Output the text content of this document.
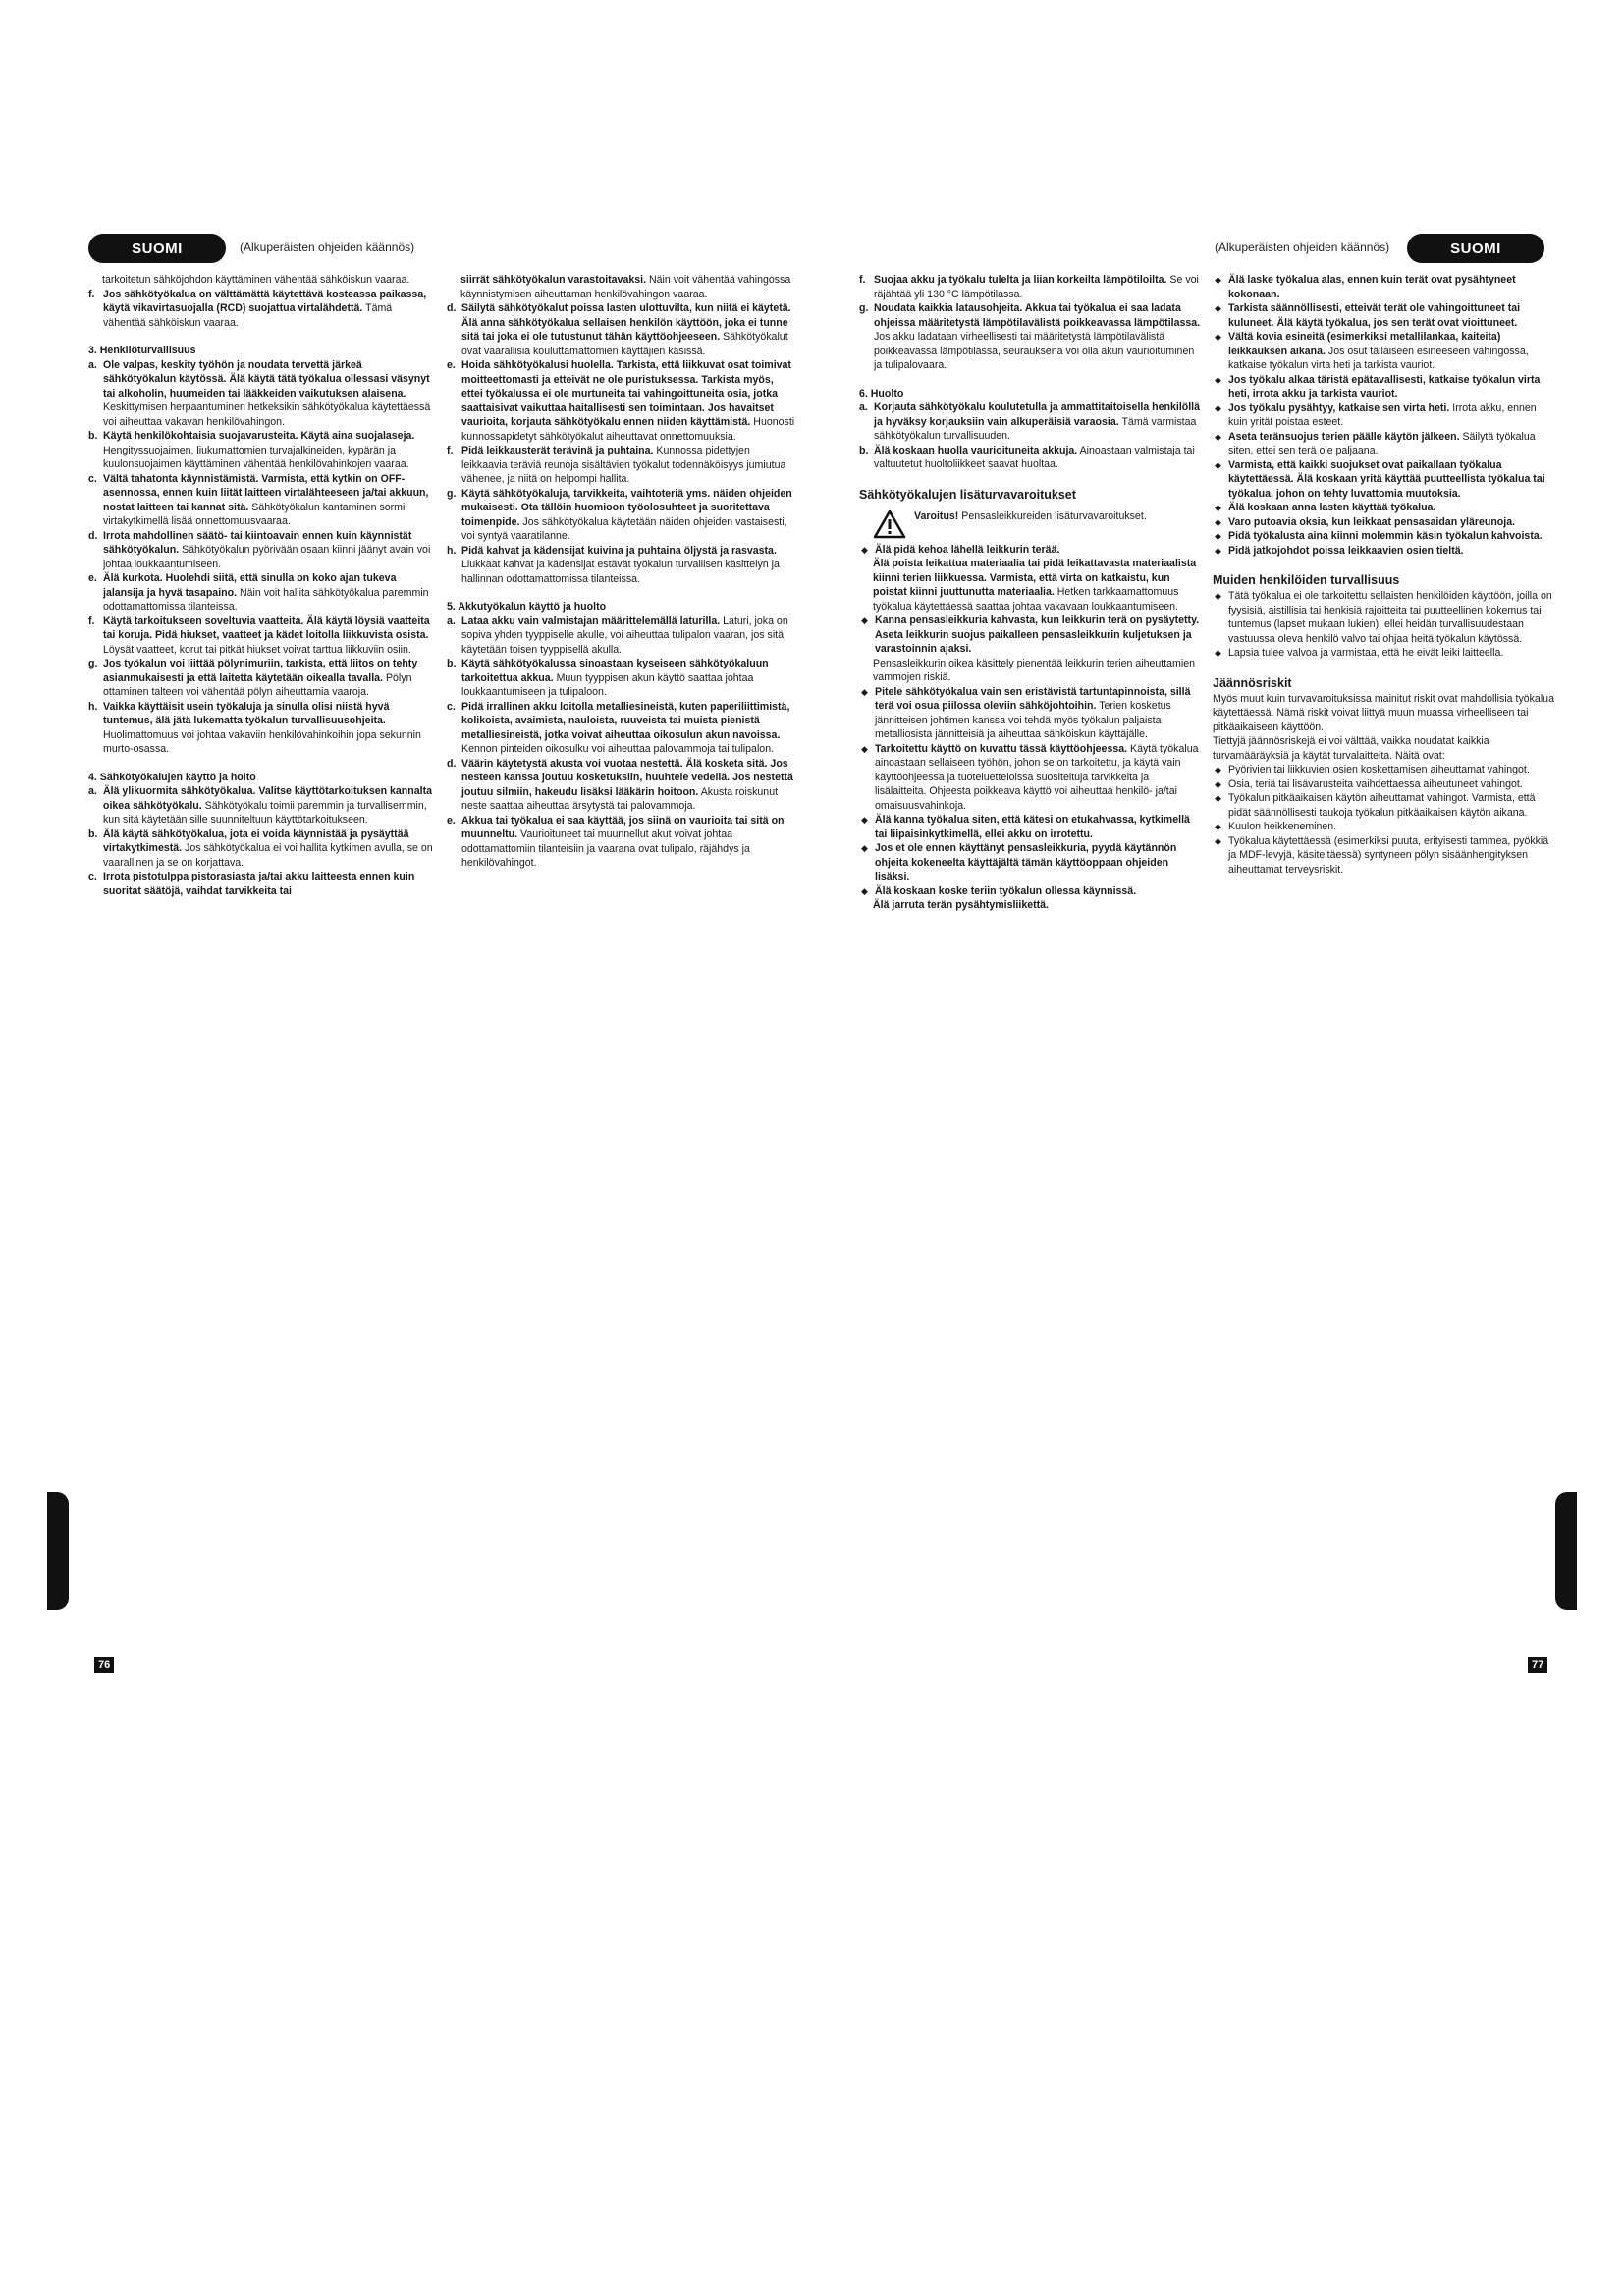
SUOMI	(Alkuperäisten ohjeiden käännös)

tarkoitetun sähköjohdon käyttäminen vähentää sähköiskun vaaraa.

f. Jos sähkötyökalua on välttämättä käytettävä kosteassa paikassa, käytä vikavirtasuojalla (RCD) suojattua virtalähdettä. Tämä vähentää sähköiskun vaaraa.

3. Henkilöturvallisuus

a. Ole valpas, keskity työhön ja noudata tervettä järkeä sähkötyökalun käytössä. Älä käytä tätä työkalua ollessasi väsynyt tai alkoholin, huumeiden tai lääkkeiden vaikutuksen alaisena. Keskittymisen herpaantuminen hetkeksikin sähkötyökalua käytettäessä voi aiheuttaa vakavan henkilövahingon.
b. Käytä henkilökohtaisia suojavarusteita. Käytä aina suojalaseja. Hengityssuojaimen, liukumattomien turvajalkineiden, kypärän ja kuulonsuojaimen käyttäminen vähentää henkilövahinkojen vaaraa.
c. Vältä tahatonta käynnistämistä. Varmista, että kytkin on OFF-asennossa, ennen kuin liität laitteen virtalähteeseen ja/tai akkuun, nostat laitteen tai kannat sitä. Sähkötyökalun kantaminen sormi virtakytkimellä lisää onnettomuusvaaraa.
d. Irrota mahdollinen säätö- tai kiintoavain ennen kuin käynnistät sähkötyökalun. Sähkötyökalun pyörivään osaan kiinni jäänyt avain voi johtaa loukkaantumiseen.
e. Älä kurkota. Huolehdi siitä, että sinulla on koko ajan tukeva jalansija ja hyvä tasapaino. Näin voit hallita sähkötyökalua paremmin odottamattomissa tilanteissa.
f. Käytä tarkoitukseen soveltuvia vaatteita. Älä käytä löysiä vaatteita tai koruja. Pidä hiukset, vaatteet ja kädet loitolla liikkuvista osista. Löysät vaatteet, korut tai pitkät hiukset voivat tarttua liikkuviin osiin.
g. Jos työkalun voi liittää pölynimuriin, tarkista, että liitos on tehty asianmukaisesti ja että laitetta käytetään oikealla tavalla. Pölyn ottaminen talteen voi vähentää pölyn aiheuttamia vaaroja.
h. Vaikka käyttäisit usein työkaluja ja sinulla olisi niistä hyvä tuntemus, älä jätä lukematta työkalun turvallisuusohjeita. Huolimattomuus voi johtaa vakaviin henkilövahinkoihin jopa sekunnin murto-osassa.

4. Sähkötyökalujen käyttö ja hoito

a. Älä ylikuormita sähkötyökalua. Valitse käyttötarkoituksen kannalta oikea sähkötyökalu. Sähkötyökalu toimii paremmin ja turvallisemmin, kun sitä käytetään sille suunniteltuun käyttötarkoitukseen.
b. Älä käytä sähkötyökalua, jota ei voida käynnistää ja pysäyttää virtakytkimestä. Jos sähkötyökalua ei voi hallita kytkimen avulla, se on vaarallinen ja se on korjattava.
c. Irrota pistotulppa pistorasiasta ja/tai akku laitteesta ennen kuin suoritat säätöjä, vaihdat tarvikkeita tai

siirrät sähkötyökalun varastoitavaksi. Näin voit vähentää vahingossa käynnistymisen aiheuttaman henkilövahingon vaaraa.

d. Säilytä sähkötyökalut poissa lasten ulottuvilta, kun niitä ei käytetä. Älä anna sähkötyökalua sellaisen henkilön käyttöön, joka ei tunne sitä tai joka ei ole tutustunut tähän käyttöohjeeseen. Sähkötyökalut ovat vaarallisia kouluttamattomien käyttäjien käsissä.
e. Hoida sähkötyökalusi huolella. Tarkista, että liikkuvat osat toimivat moitteettomasti ja etteivät ne ole puristuksessa. Tarkista myös, ettei työkalussa ei ole murtuneita tai vahingoittuneita osia, jotka saattaisivat vaikuttaa haitallisesti sen toimintaan. Jos havaitset vaurioita, korjauta sähkötyökalu ennen niiden käyttämistä. Huonosti kunnossapidetyt sähkötyökalut aiheuttavat onnettomuuksia.
f. Pidä leikkausterät terävinä ja puhtaina. Kunnossa pidettyjen leikkaavia teräviä reunoja sisältävien työkalut todennäköisyys jumiutua vähenee, ja niitä on helpompi hallita.
g. Käytä sähkötyökaluja, tarvikkeita, vaihtoteriä yms. näiden ohjeiden mukaisesti. Ota tällöin huomioon työolosuhteet ja suoritettava toimenpide. Jos sähkötyökalua käytetään näiden ohjeiden vastaisesti, voi syntyä vaaratilanne.
h. Pidä kahvat ja kädensijat kuivina ja puhtaina öljystä ja rasvasta. Liukkaat kahvat ja kädensijat estävät työkalun turvallisen käsittelyn ja hallinnan odottamattomissa tilanteissa.

5. Akkutyökalun käyttö ja huolto

a. Lataa akku vain valmistajan määrittelemällä laturilla. Laturi, joka on sopiva yhden tyyppiselle akulle, voi aiheuttaa tulipalon vaaran, jos sitä käytetään toisen tyyppisellä akulla.
b. Käytä sähkötyökalussa sinoastaan kyseiseen sähkötyökaluun tarkoitettua akkua. Muun tyyppisen akun käyttö saattaa johtaa loukkaantumiseen ja tulipaloon.
c. Pidä irrallinen akku loitolla metalliesineistä, kuten paperiliittimistä, kolikoista, avaimista, nauloista, ruuveista tai muista pienistä metalliesineistä, jotka voivat aiheuttaa oikosulun akun navoissa. Kennon pinteiden oikosulku voi aiheuttaa palovammoja tai tulipalon.
d. Väärin käytetystä akusta voi vuotaa nestettä. Älä kosketa sitä. Jos nesteen kanssa joutuu kosketuksiin, huuhtele vedellä. Jos nestettä joutuu silmiin, hakeudu lisäksi lääkärin hoitoon. Akusta roiskunut neste saattaa aiheuttaa ärsytystä tai palovammoja.
e. Akkua tai työkalua ei saa käyttää, jos siinä on vaurioita tai sitä on muunneltu. Vaurioituneet tai muunnellut akut voivat johtaa odottamattomiin tilanteisiin ja vaarana ovat tulipalo, räjähdys ja henkilövahingot.
76
(Alkuperäisten ohjeiden käännös)	SUOMI
f. Suojaa akku ja työkalu tulelta ja liian korkeilta lämpötiloilta. Se voi räjähtää yli 130 °C lämpötilassa.
g. Noudata kaikkia latausohjeita. Akkua tai työkalua ei saa ladata ohjeissa määritetystä lämpötilavälistä poikkeavassa lämpötilassa. Jos akku ladataan virheellisesti tai määritetystä lämpötilavälistä poikkeavassa lämpötilassa, seurauksena voi olla akun vaurioituminen ja tulipalovaara.

6. Huolto

a. Korjauta sähkötyökalu koulutetulla ja ammattitaitoisella henkilöllä ja hyväksy korjauksiin vain alkuperäisiä varaosia. Tämä varmistaa sähkötyökalun turvallisuuden.
b. Älä koskaan huolla vaurioituneita akkuja. Ainoastaan valmistaja tai valtuutetut huoltoliikkeet saavat huoltaa.

Sähkötyökalujen lisäturvavaroitukset

Varoitus! Pensasleikkureiden lisäturvavaroitukset.
◆ Älä pidä kehoa lähellä leikkurin terää.

Älä poista leikattua materiaalia tai pidä leikattavasta materiaalista kiinni terien liikkuessa. Varmista, että virta on katkaistu, kun poistat kiinni juuttunutta materiaalia. Hetken tarkkaamattomuus työkalua käytettäessä saattaa johtaa vakavaan loukkaantumiseen.

◆ Kanna pensasleikkuria kahvasta, kun leikkurin terä on pysäytetty. Aseta leikkurin suojus paikalleen pensasleikkurin kuljetuksen ja varastoinnin ajaksi.

Pensasleikkurin oikea käsittely pienentää leikkurin terien aiheuttamien vammojen riskiä.

◆ Pitele sähkötyökalua vain sen eristävistä tartuntapinnoista, sillä terä voi osua piilossa oleviin sähköjohtoihin. Terien kosketus jännitteisen johtimen kanssa voi tehdä myös työkalun paljaista metalliosista jännitteisiä ja aiheuttaa sähköiskun käyttäjälle.
◆ Tarkoitettu käyttö on kuvattu tässä käyttöohjeessa. Käytä työkalua ainoastaan sellaiseen työhön, johon se on tarkoitettu, ja käytä vain käyttöohjeessa ja tuoteluetteloissa suositeltuja tarvikkeita ja lisälaitteita. Ohjeesta poikkeava käyttö voi aiheuttaa henkilö- ja/tai omaisuusvahinkoja.
◆ Älä kanna työkalua siten, että kätesi on etukahvassa, kytkimellä tai liipaisinkytkimellä, ellei akku on irrotettu.
◆ Jos et ole ennen käyttänyt pensasleikkuria, pyydä käytännön ohjeita kokeneelta käyttäjältä tämän käyttöoppaan ohjeiden lisäksi.
◆ Älä koskaan koske teriin työkalun ollessa käynnissä.

Älä jarruta terän pysähtymisliikettä.

◆ Älä laske työkalua alas, ennen kuin terät ovat pysähtyneet kokonaan.
◆ Tarkista säännöllisesti, etteivät terät ole vahingoittuneet tai kuluneet. Älä käytä työkalua, jos sen terät ovat vioittuneet.
◆ Vältä kovia esineitä (esimerkiksi metallilankaa, kaiteita) leikkauksen aikana. Jos osut tällaiseen esineeseen vahingossa, katkaise työkalun virta heti ja tarkista vauriot.
◆ Jos työkalu alkaa täristä epätavallisesti, katkaise työkalun virta heti, irrota akku ja tarkista vauriot.
◆ Jos työkalu pysähtyy, katkaise sen virta heti. Irrota akku, ennen kuin yrität poistaa esteet.
◆ Aseta teränsuojus terien päälle käytön jälkeen. Säilytä työkalua siten, ettei sen terä ole paljaana.
◆ Varmista, että kaikki suojukset ovat paikallaan työkalua käytettäessä. Älä koskaan yritä käyttää puutteellista työkalua tai työkalua, johon on tehty luvattomia muutoksia.
◆ Älä koskaan anna lasten käyttää työkalua.
◆ Varo putoavia oksia, kun leikkaat pensasaidan yläreunoja.
◆ Pidä työkalusta aina kiinni molemmin käsin työkalun kahvoista.
◆ Pidä jatkojohdot poissa leikkaavien osien tieltä.

Muiden henkilöiden turvallisuus

◆ Tätä työkalua ei ole tarkoitettu sellaisten henkilöiden käyttöön, joilla on fyysisiä, aistillisia tai henkisiä rajoitteita tai puutteellinen kokemus tai tuntemus (lapset mukaan lukien), ellei heidän turvallisuudestaan vastuussa oleva henkilö valvo tai ohjaa heitä työkalun käytössä.
◆ Lapsia tulee valvoa ja varmistaa, että he eivät leiki laitteella.

Jäännösriskit

Myös muut kuin turvavaroituksissa mainitut riskit ovat mahdollisia työkalua käytettäessä. Nämä riskit voivat liittyä muun muassa virheelliseen tai pitkäaikaiseen käyttöön.

Tiettyjä jäännösriskejä ei voi välttää, vaikka noudatat kaikkia turvamääräyksiä ja käytät turvalaitteita. Näitä ovat:

◆ Pyörivien tai liikkuvien osien koskettamisen aiheuttamat vahingot.
◆ Osia, teriä tai lisävarusteita vaihdettaessa aiheutuneet vahingot.
◆ Työkalun pitkäaikaisen käytön aiheuttamat vahingot. Varmista, että pidät säännöllisesti taukoja työkalun pitkäaikaisen käytön aikana.
◆ Kuulon heikkeneminen.
◆ Työkalua käytettäessä (esimerkiksi puuta, erityisesti tammea, pyökkiä ja MDF-levyjä, käsiteltäessä) syntyneen pölyn sisäänhengityksen aiheuttamat terveysriskit.
77
